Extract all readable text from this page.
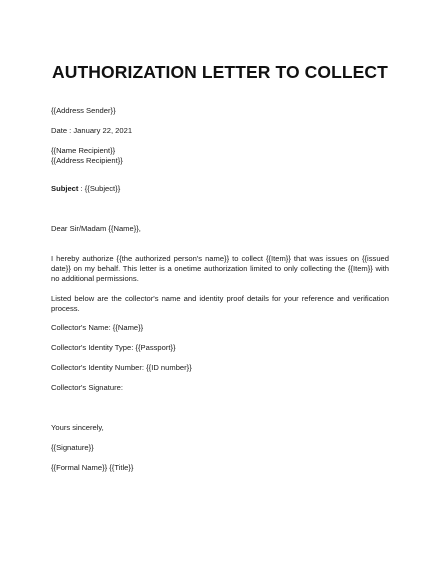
AUTHORIZATION LETTER TO COLLECT
{{Address Sender}}
Date : January 22, 2021
{{Name Recipient}}
{{Address Recipient}}
Subject : {{Subject}}
Dear Sir/Madam {{Name}},
I hereby authorize {{the authorized person's name}} to collect {{Item}} that was issues on {{issued date}} on my behalf. This letter is a onetime authorization limited to only collecting the {{Item}} with no additional permissions.
Listed below are the collector's name and identity proof details for your reference and verification process.
Collector's Name: {{Name}}
Collector's Identity Type: {{Passport}}
Collector's Identity Number: {{ID number}}
Collector's Signature:
Yours sincerely,
{{Signature}}
{{Formal Name}} {{Title}}
